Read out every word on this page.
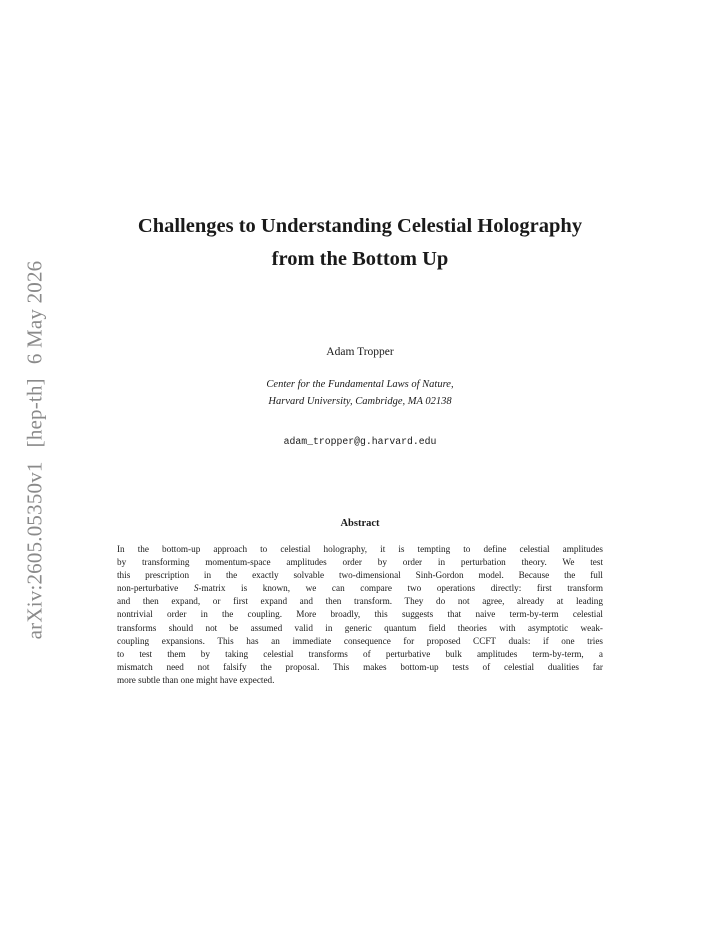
arXiv:2605.05350v1[hep-th]6 May 2026
Challenges to Understanding Celestial Holography
from the Bottom Up
Adam Tropper
Center for the Fundamental Laws of Nature,
Harvard University, Cambridge, MA 02138
adam_tropper@g.harvard.edu
Abstract
In the bottom-up approach to celestial holography, it is tempting to define celestial amplitudes
by transforming momentum-space amplitudes order by order in perturbation theory. We test
this prescription in the exactly solvable two-dimensional Sinh-Gordon model. Because the full
non-perturbative S-matrix is known, we can compare two operations directly: first transform
and then expand, or first expand and then transform. They do not agree, already at leading
nontrivial order in the coupling. More broadly, this suggests that naive term-by-term celestial
transforms should not be assumed valid in generic quantum field theories with asymptotic weak-
coupling expansions. This has an immediate consequence for proposed CCFT duals: if one tries
to test them by taking celestial transforms of perturbative bulk amplitudes term-by-term, a
mismatch need not falsify the proposal. This makes bottom-up tests of celestial dualities far
more subtle than one might have expected.
